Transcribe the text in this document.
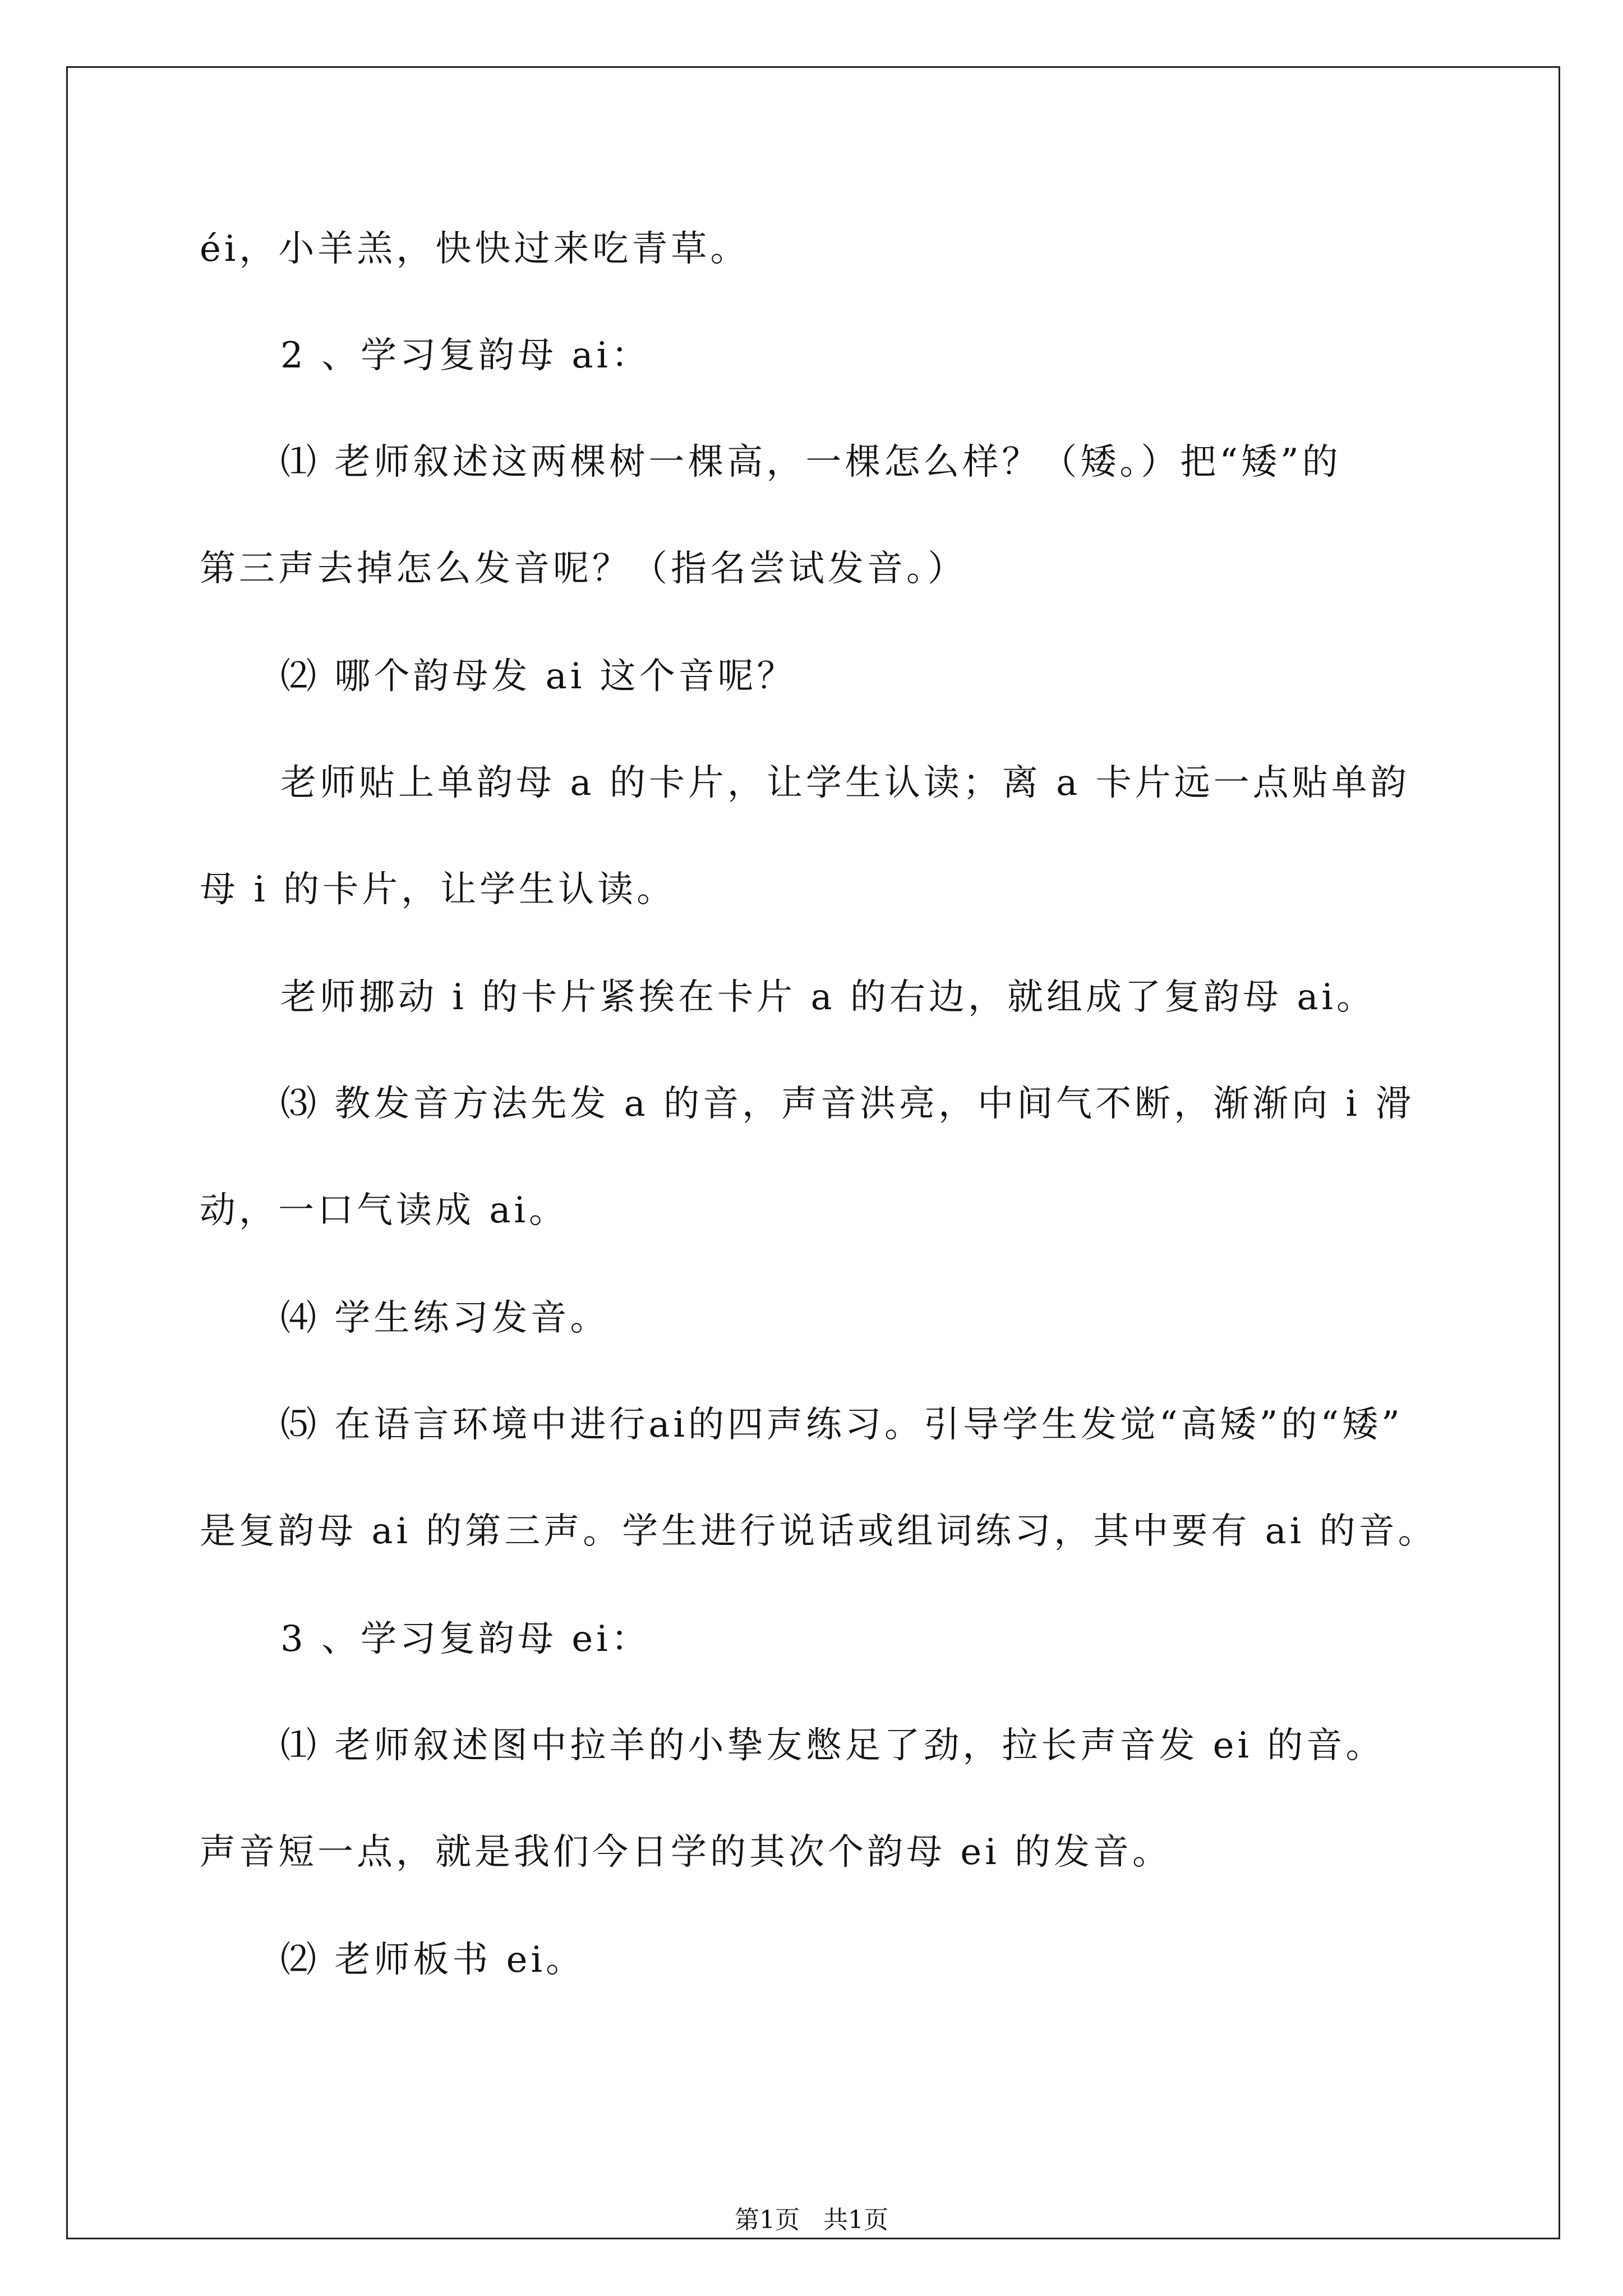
éi，小羊羔，快快过来吃青草。
2 、学习复韵母 ai：
⑴ 老师叙述这两棵树一棵高，一棵怎么样？（矮。）把“矮”的
第三声去掉怎么发音呢？（指名尝试发音。）
⑵ 哪个韵母发 ai 这个音呢？
老师贴上单韵母 a 的卡片，让学生认读；离 a 卡片远一点贴单韵
母 i 的卡片，让学生认读。
老师挪动 i 的卡片紧挨在卡片 a 的右边，就组成了复韵母 ai。
⑶ 教发音方法先发 a 的音，声音洪亮，中间气不断，渐渐向 i 滑
动，一口气读成 ai。
⑷ 学生练习发音。
⑸ 在语言环境中进行ai的四声练习。引导学生发觉“高矮”的“矮”
是复韵母 ai 的第三声。学生进行说话或组词练习，其中要有 ai 的音。
3 、学习复韵母 ei：
⑴ 老师叙述图中拉羊的小挚友憋足了劲，拉长声音发 ei 的音。
声音短一点，就是我们今日学的其次个韵母 ei 的发音。
⑵ 老师板书 ei。
第1页   共1页
